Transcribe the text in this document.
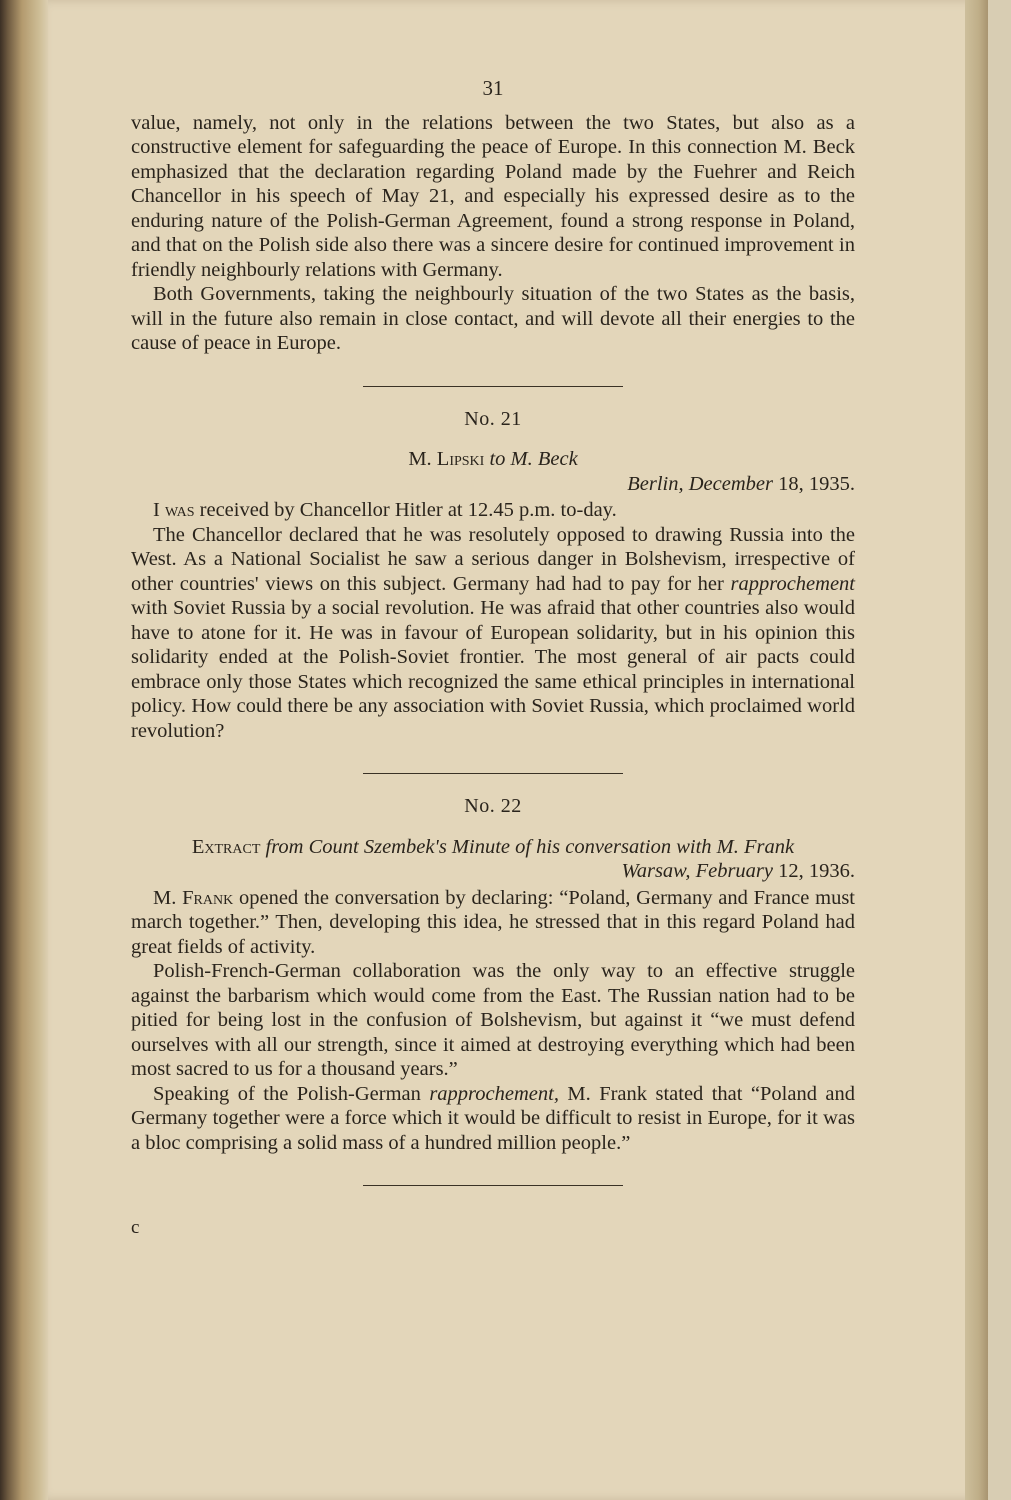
31

value, namely, not only in the relations between the two States, but also as a constructive element for safeguarding the peace of Europe. In this connection M. Beck emphasized that the declaration regarding Poland made by the Fuehrer and Reich Chancellor in his speech of May 21, and especially his expressed desire as to the enduring nature of the Polish-German Agreement, found a strong response in Poland, and that on the Polish side also there was a sincere desire for continued improvement in friendly neighbourly relations with Germany.

Both Governments, taking the neighbourly situation of the two States as the basis, will in the future also remain in close contact, and will devote all their energies to the cause of peace in Europe.

No. 21
M. Lipski to M. Beck
Berlin, December 18, 1935.

I was received by Chancellor Hitler at 12.45 p.m. to-day.

The Chancellor declared that he was resolutely opposed to drawing Russia into the West. As a National Socialist he saw a serious danger in Bolshevism, irrespective of other countries' views on this subject. Germany had had to pay for her rapprochement with Soviet Russia by a social revolution. He was afraid that other countries also would have to atone for it. He was in favour of European solidarity, but in his opinion this solidarity ended at the Polish-Soviet frontier. The most general of air pacts could embrace only those States which recognized the same ethical principles in international policy. How could there be any association with Soviet Russia, which proclaimed world revolution?

No. 22
Extract from Count Szembek's Minute of his conversation with M. Frank
Warsaw, February 12, 1936.

M. Frank opened the conversation by declaring: “Poland, Germany and France must march together.” Then, developing this idea, he stressed that in this regard Poland had great fields of activity.

Polish-French-German collaboration was the only way to an effective struggle against the barbarism which would come from the East. The Russian nation had to be pitied for being lost in the confusion of Bolshevism, but against it “we must defend ourselves with all our strength, since it aimed at destroying everything which had been most sacred to us for a thousand years.”

Speaking of the Polish-German rapprochement, M. Frank stated that “Poland and Germany together were a force which it would be difficult to resist in Europe, for it was a bloc comprising a solid mass of a hundred million people.”

c
